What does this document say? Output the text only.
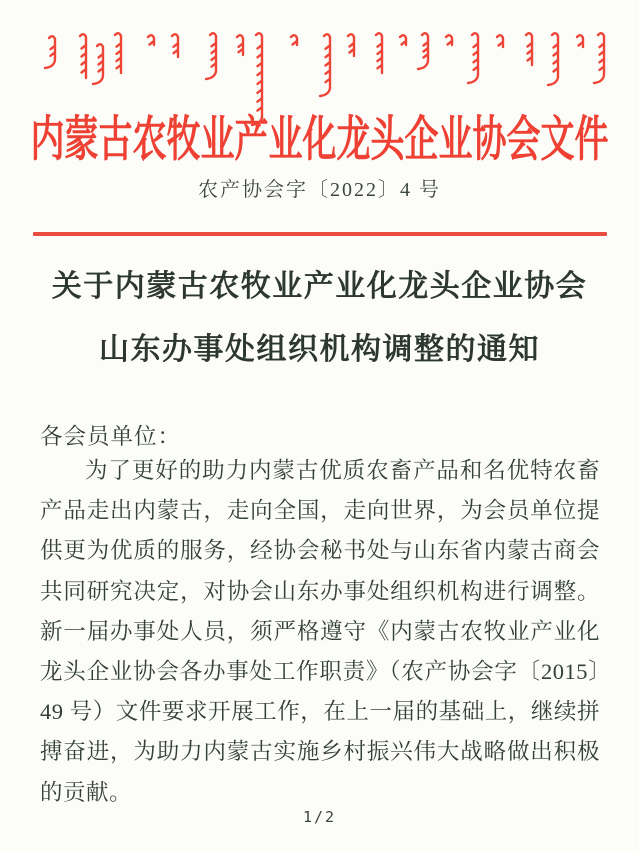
内蒙古农牧业产业化龙头企业协会文件
农产协会字〔2022〕4 号
关于内蒙古农牧业产业化龙头企业协会
山东办事处组织机构调整的通知
各会员单位：

为了更好的助力内蒙古优质农畜产品和名优特农畜产品走出内蒙古，走向全国，走向世界，为会员单位提供更为优质的服务，经协会秘书处与山东省内蒙古商会共同研究决定，对协会山东办事处组织机构进行调整。新一届办事处人员，须严格遵守《内蒙古农牧业产业化龙头企业协会各办事处工作职责》（农产协会字〔2015〕49 号）文件要求开展工作，在上一届的基础上，继续拼搏奋进，为助力内蒙古实施乡村振兴伟大战略做出积极的贡献。

1/2
